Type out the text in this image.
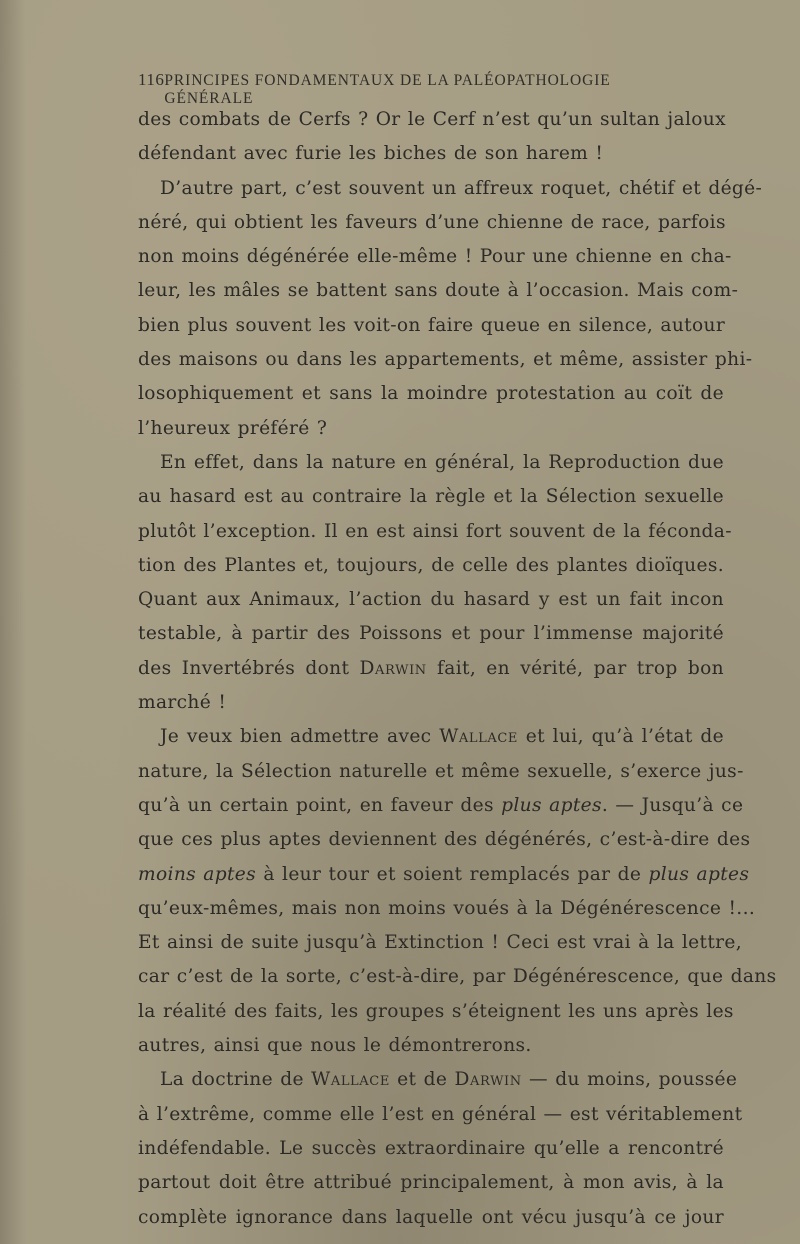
116 PRINCIPES FONDAMENTAUX DE LA PALÉOPATHOLOGIE GÉNÉRALE
des combats de Cerfs ? Or le Cerf n’est qu’un sultan jaloux
défendant avec furie les biches de son harem !
D’autre part, c’est souvent un affreux roquet, chétif et dégé-
néré, qui obtient les faveurs d’une chienne de race, parfois
non moins dégénérée elle-même ! Pour une chienne en cha-
leur, les mâles se battent sans doute à l’occasion. Mais com-
bien plus souvent les voit-on faire queue en silence, autour
des maisons ou dans les appartements, et même, assister phi-
losophiquement et sans la moindre protestation au coït de
l’heureux préféré ?
En effet, dans la nature en général, la Reproduction due
au hasard est au contraire la règle et la Sélection sexuelle
plutôt l’exception. Il en est ainsi fort souvent de la féconda-
tion des Plantes et, toujours, de celle des plantes dioïques.
Quant aux Animaux, l’action du hasard y est un fait incon
testable, à partir des Poissons et pour l’immense majorité
des Invertébrés dont Darwin fait, en vérité, par trop bon
marché !
Je veux bien admettre avec Wallace et lui, qu’à l’état de
nature, la Sélection naturelle et même sexuelle, s’exerce jus-
qu’à un certain point, en faveur des plus aptes. — Jusqu’à ce
que ces plus aptes deviennent des dégénérés, c’est-à-dire des
moins aptes à leur tour et soient remplacés par de plus aptes
qu’eux-mêmes, mais non moins voués à la Dégénérescence !...
Et ainsi de suite jusqu’à Extinction ! Ceci est vrai à la lettre,
car c’est de la sorte, c’est-à-dire, par Dégénérescence, que dans
la réalité des faits, les groupes s’éteignent les uns après les
autres, ainsi que nous le démontrerons.
La doctrine de Wallace et de Darwin — du moins, poussée
à l’extrême, comme elle l’est en général — est véritablement
indéfendable. Le succès extraordinaire qu’elle a rencontré
partout doit être attribué principalement, à mon avis, à la
complète ignorance dans laquelle ont vécu jusqu’à ce jour
